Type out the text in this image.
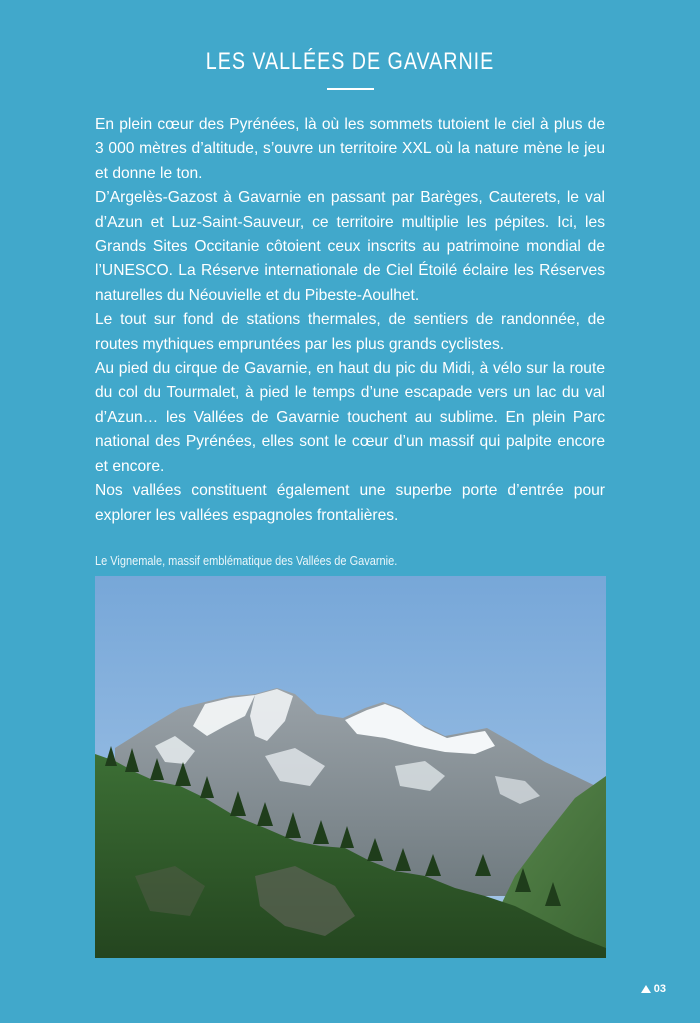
LES VALLÉES DE GAVARNIE

En plein cœur des Pyrénées, là où les sommets tutoient le ciel à plus de 3 000 mètres d’altitude, s’ouvre un territoire XXL où la nature mène le jeu et donne le ton.

D’Argelès-Gazost à Gavarnie en passant par Barèges, Cauterets, le val d’Azun et Luz-Saint-Sauveur, ce territoire multiplie les pépites. Ici, les Grands Sites Occitanie côtoient ceux inscrits au patrimoine mondial de l’UNESCO. La Réserve internationale de Ciel Étoilé éclaire les Réserves naturelles du Néouvielle et du Pibeste-Aoulhet.

Le tout sur fond de stations thermales, de sentiers de randonnée, de routes mythiques empruntées par les plus grands cyclistes.

Au pied du cirque de Gavarnie, en haut du pic du Midi, à vélo sur la route du col du Tourmalet, à pied le temps d’une escapade vers un lac du val d’Azun… les Vallées de Gavarnie touchent au sublime. En plein Parc national des Pyrénées, elles sont le cœur d’un massif qui palpite encore et encore.

Nos vallées constituent également une superbe porte d’entrée pour explorer les vallées espagnoles frontalières.

Le Vignemale, massif emblématique des Vallées de Gavarnie.
03
